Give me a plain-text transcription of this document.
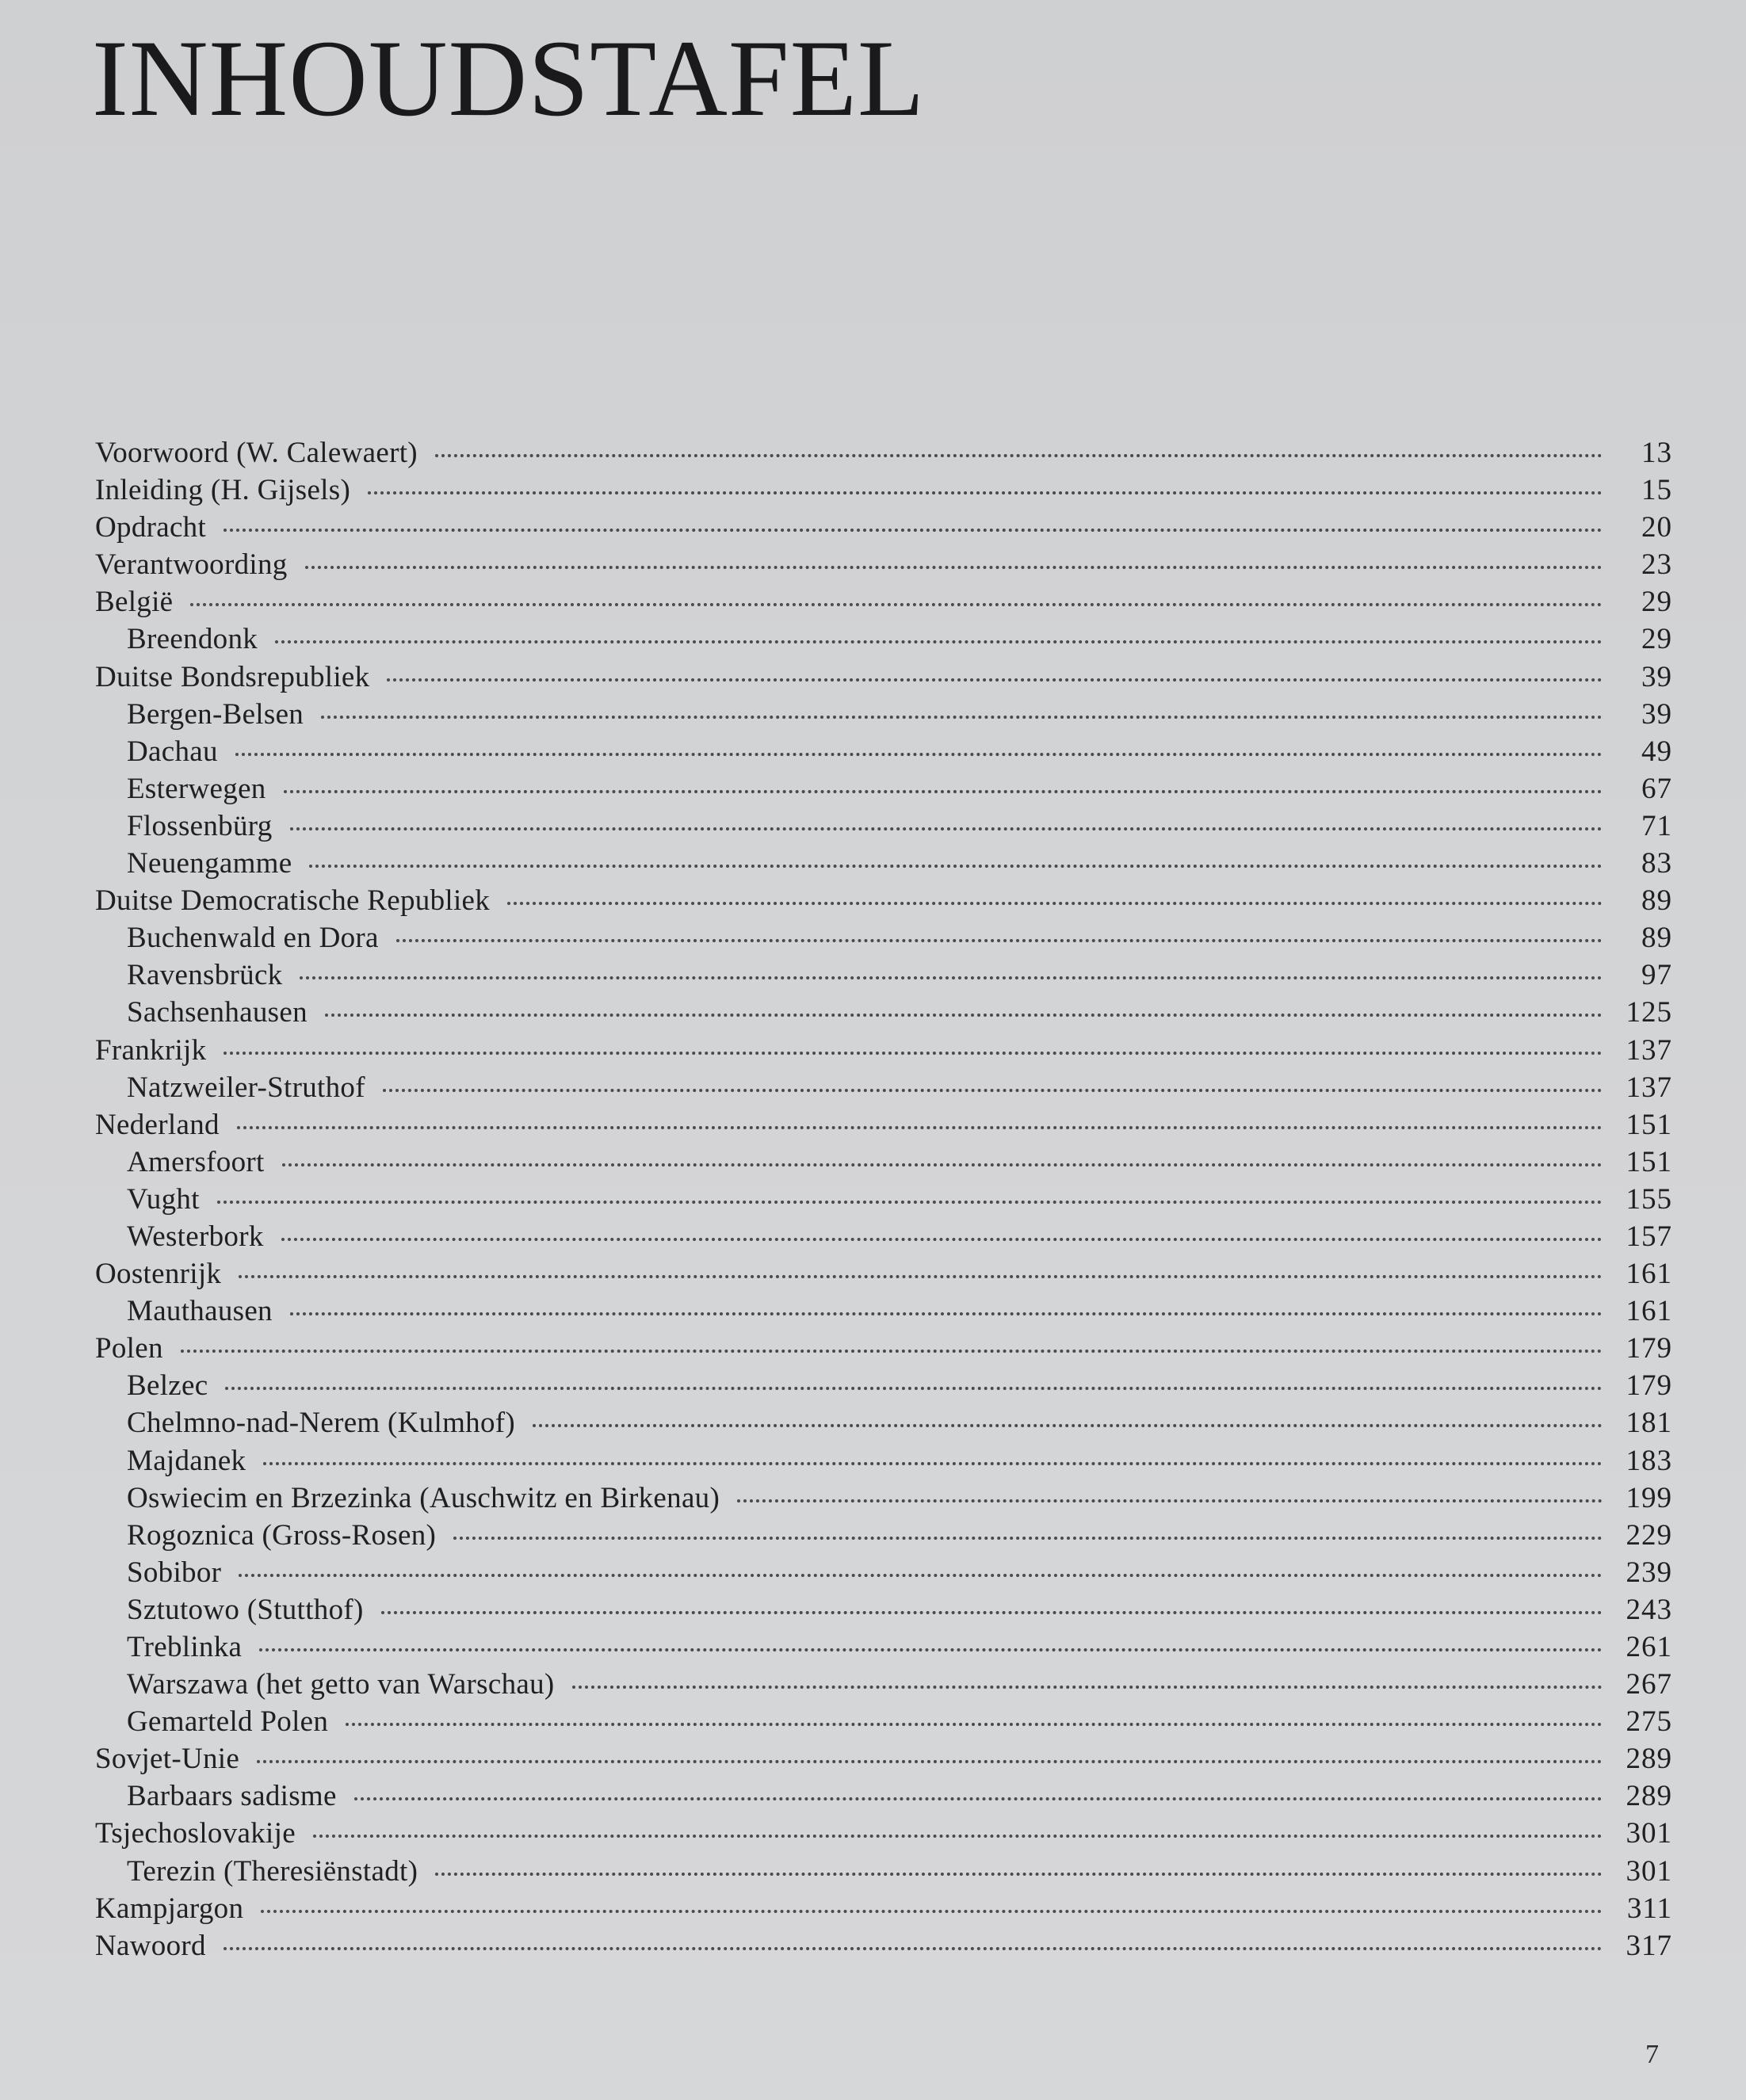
INHOUDSTAFEL
Voorwoord (W. Calewaert)	13
Inleiding (H. Gijsels)	15
Opdracht	20
Verantwoording	23
België	29
Breendonk	29
Duitse Bondsrepubliek	39
Bergen-Belsen	39
Dachau	49
Esterwegen	67
Flossenbürg	71
Neuengamme	83
Duitse Democratische Republiek	89
Buchenwald en Dora	89
Ravensbrück	97
Sachsenhausen	125
Frankrijk	137
Natzweiler-Struthof	137
Nederland	151
Amersfoort	151
Vught	155
Westerbork	157
Oostenrijk	161
Mauthausen	161
Polen	179
Belzec	179
Chelmno-nad-Nerem (Kulmhof)	181
Majdanek	183
Oswiecim en Brzezinka (Auschwitz en Birkenau)	199
Rogoznica (Gross-Rosen)	229
Sobibor	239
Sztutowo (Stutthof)	243
Treblinka	261
Warszawa (het getto van Warschau)	267
Gemarteld Polen	275
Sovjet-Unie	289
Barbaars sadisme	289
Tsjechoslovakije	301
Terezin (Theresiënstadt)	301
Kampjargon	311
Nawoord	317
7
